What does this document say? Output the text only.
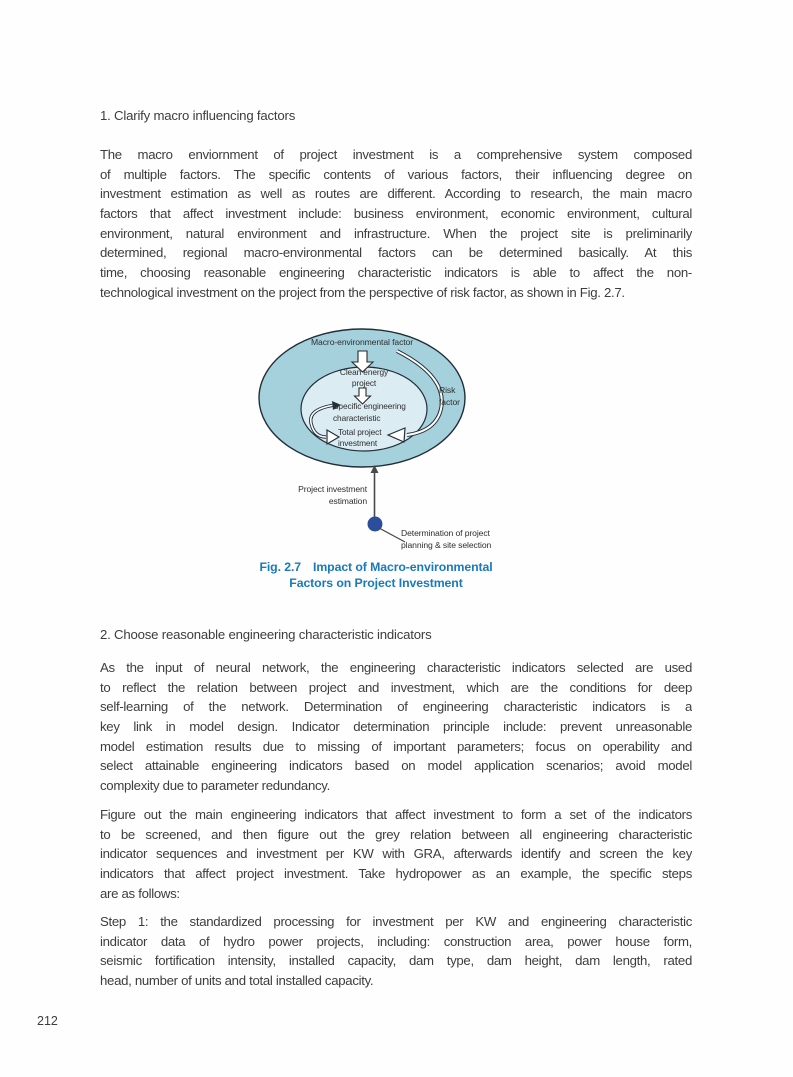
1. Clarify macro influencing factors
The macro enviornment of project investment is a comprehensive system composed
of multiple factors. The specific contents of various factors, their influencing degree on
investment estimation as well as routes are different. According to research, the main macro
factors that affect investment include: business environment, economic environment, cultural
environment, natural environment and infrastructure. When the project site is preliminarily
determined, regional macro-environmental factors can be determined basically. At this
time, choosing reasonable engineering characteristic indicators is able to affect the non-
technological investment on the project from the perspective of risk factor, as shown in Fig. 2.7.
Macro-environmental factor
Clean energy
project
Specific engineering
characteristic
Total project
investment
Risk
factor
Project investment
estimation
Determination of project
planning & site selection
Fig. 2.7 Impact of Macro-environmental
Factors on Project Investment
2. Choose reasonable engineering characteristic indicators
As the input of neural network, the engineering characteristic indicators selected are used
to reflect the relation between project and investment, which are the conditions for deep
self-learning of the network. Determination of engineering characteristic indicators is a
key link in model design. Indicator determination principle include: prevent unreasonable
model estimation results due to missing of important parameters; focus on operability and
select attainable engineering indicators based on model application scenarios; avoid model
complexity due to parameter redundancy.
Figure out the main engineering indicators that affect investment to form a set of the indicators
to be screened, and then figure out the grey relation between all engineering characteristic
indicator sequences and investment per KW with GRA, afterwards identify and screen the key
indicators that affect project investment. Take hydropower as an example, the specific steps
are as follows:
Step 1: the standardized processing for investment per KW and engineering characteristic
indicator data of hydro power projects, including: construction area, power house form,
seismic fortification intensity, installed capacity, dam type, dam height, dam length, rated
head, number of units and total installed capacity.
212
